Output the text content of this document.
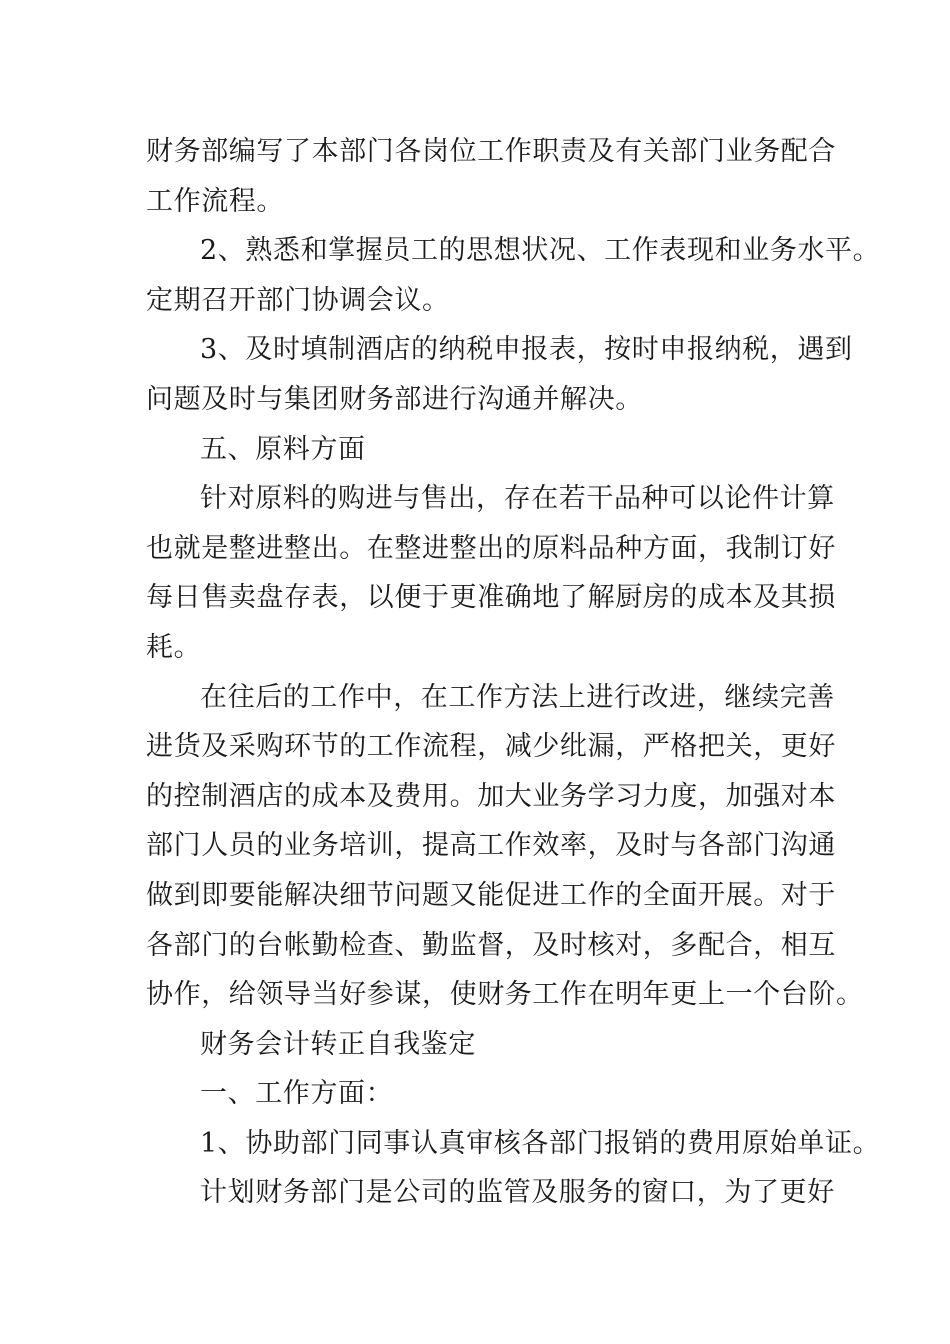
财务部编写了本部门各岗位工作职责及有关部门业务配合
工作流程。
2、熟悉和掌握员工的思想状况、工作表现和业务水平。
定期召开部门协调会议。
3、及时填制酒店的纳税申报表，按时申报纳税，遇到
问题及时与集团财务部进行沟通并解决。
五、原料方面
针对原料的购进与售出，存在若干品种可以论件计算
也就是整进整出。在整进整出的原料品种方面，我制订好
每日售卖盘存表，以便于更准确地了解厨房的成本及其损
耗。
在往后的工作中，在工作方法上进行改进，继续完善
进货及采购环节的工作流程，减少纰漏，严格把关，更好
的控制酒店的成本及费用。加大业务学习力度，加强对本
部门人员的业务培训，提高工作效率，及时与各部门沟通
做到即要能解决细节问题又能促进工作的全面开展。对于
各部门的台帐勤检查、勤监督，及时核对，多配合，相互
协作，给领导当好参谋，使财务工作在明年更上一个台阶。
财务会计转正自我鉴定
一、工作方面：
1、协助部门同事认真审核各部门报销的费用原始单证。
计划财务部门是公司的监管及服务的窗口，为了更好
